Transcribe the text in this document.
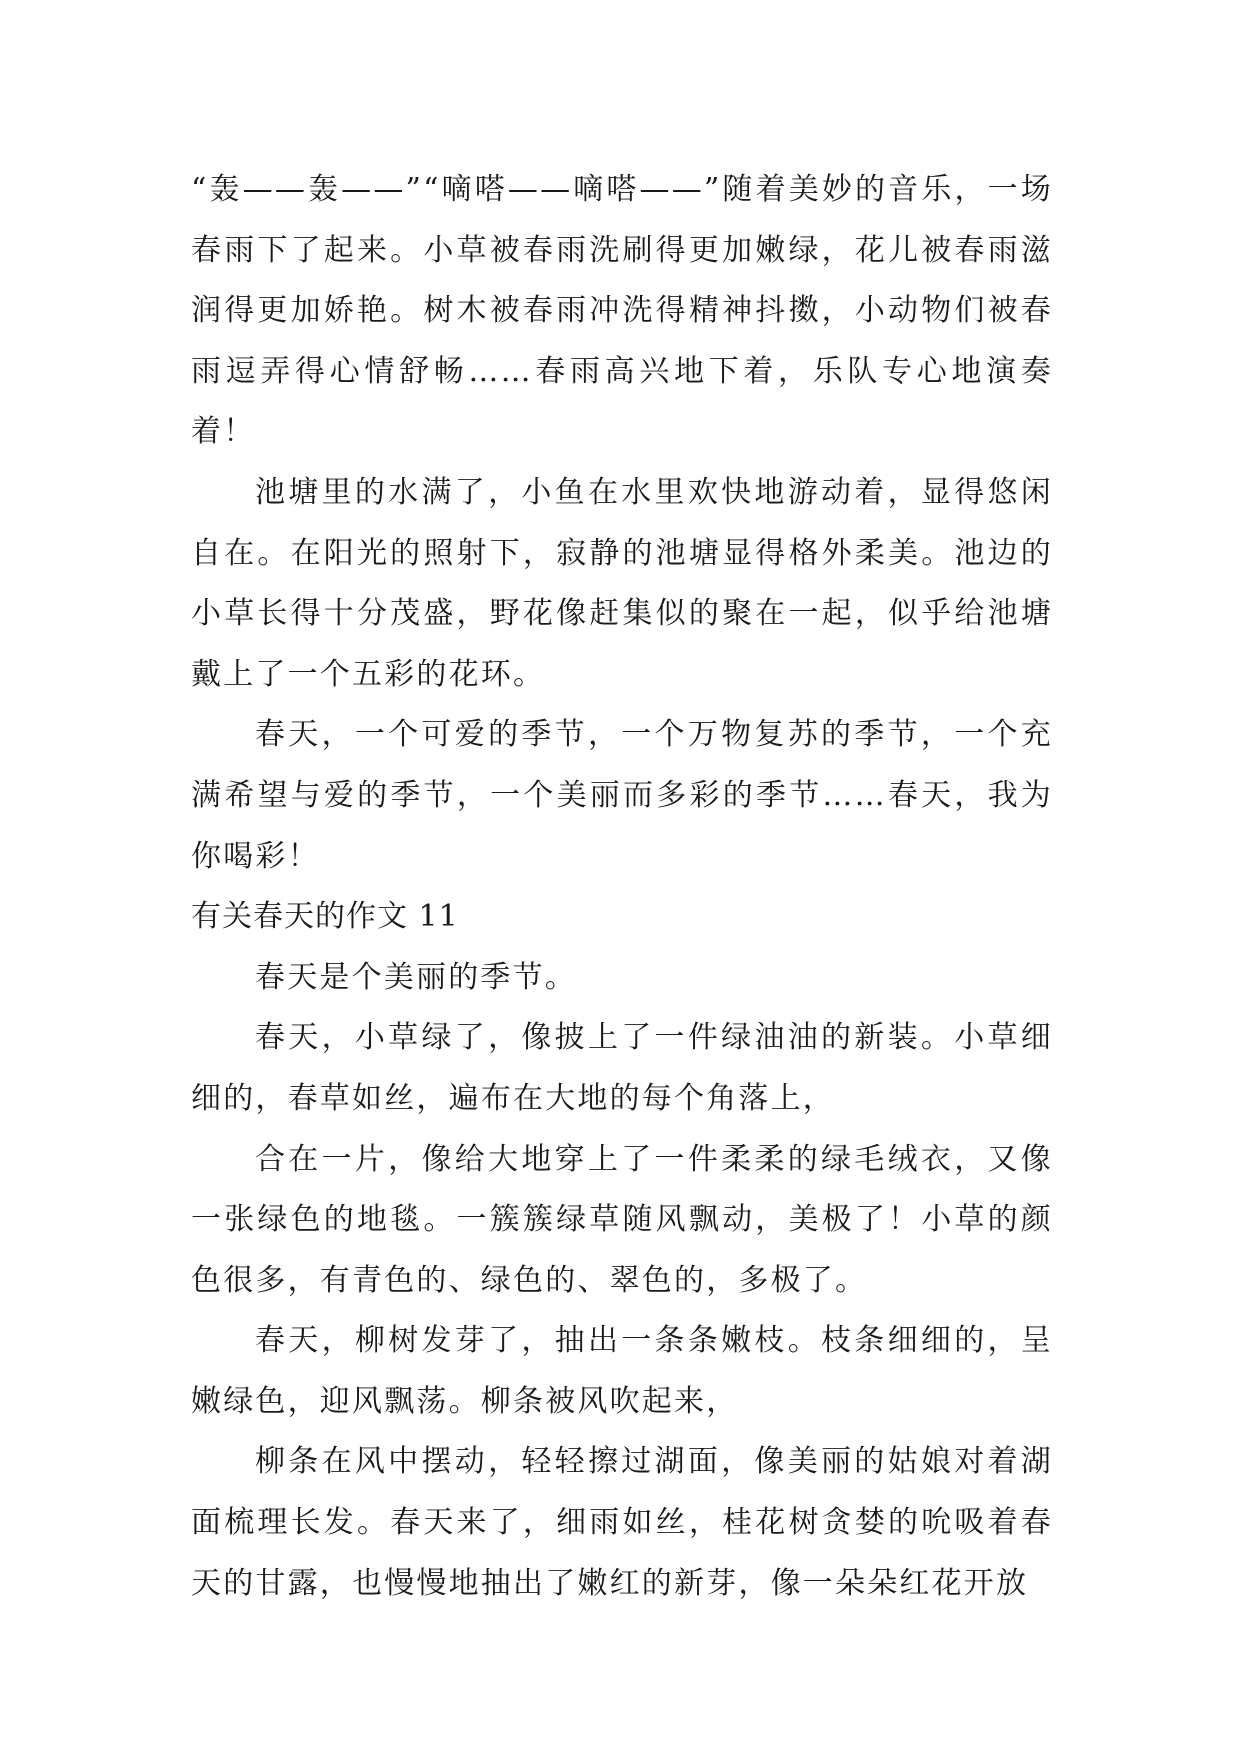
“轰——轰——”“嘀嗒——嘀嗒——”随着美妙的音乐，一场春雨下了起来。小草被春雨洗刷得更加嫩绿，花儿被春雨滋润得更加娇艳。树木被春雨冲洗得精神抖擞，小动物们被春雨逗弄得心情舒畅……春雨高兴地下着，乐队专心地演奏着！

池塘里的水满了，小鱼在水里欢快地游动着，显得悠闲自在。在阳光的照射下，寂静的池塘显得格外柔美。池边的小草长得十分茂盛，野花像赶集似的聚在一起，似乎给池塘戴上了一个五彩的花环。

春天，一个可爱的季节，一个万物复苏的季节，一个充满希望与爱的季节，一个美丽而多彩的季节……春天，我为你喝彩！

有关春天的作文 11

春天是个美丽的季节。

春天，小草绿了，像披上了一件绿油油的新装。小草细细的，春草如丝，遍布在大地的每个角落上，

合在一片，像给大地穿上了一件柔柔的绿毛绒衣，又像一张绿色的地毯。一簇簇绿草随风飘动，美极了！小草的颜色很多，有青色的、绿色的、翠色的，多极了。

春天，柳树发芽了，抽出一条条嫩枝。枝条细细的，呈嫩绿色，迎风飘荡。柳条被风吹起来，

柳条在风中摆动，轻轻擦过湖面，像美丽的姑娘对着湖面梳理长发。春天来了，细雨如丝，桂花树贪婪的吮吸着春天的甘露，也慢慢地抽出了嫩红的新芽，像一朵朵红花开放
